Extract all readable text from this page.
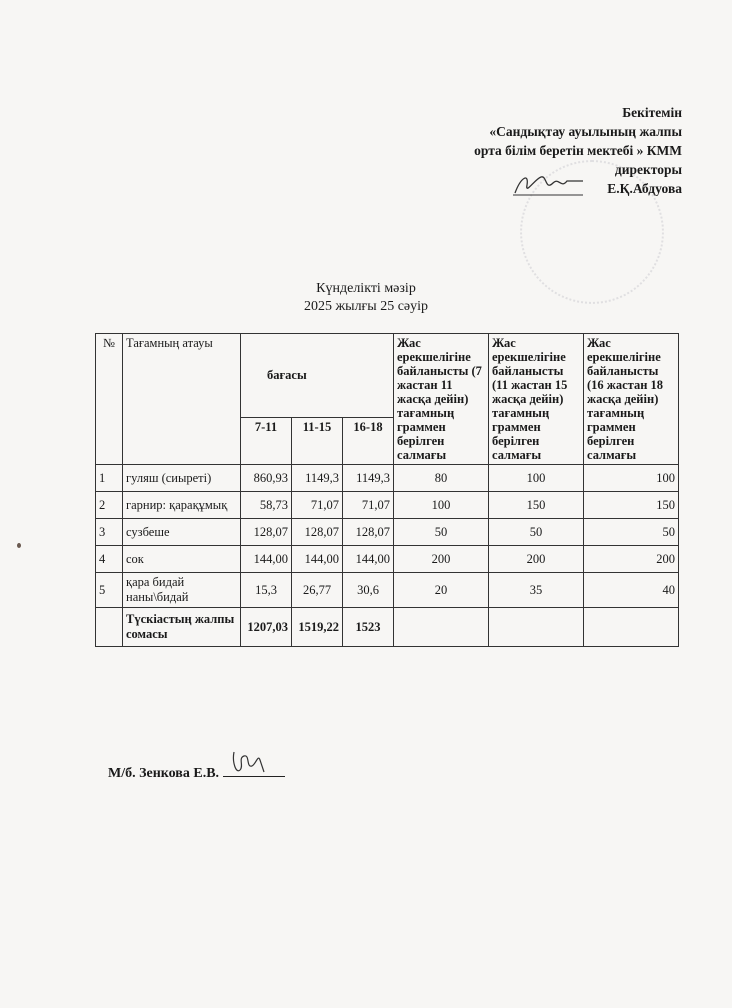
Бекітемін
«Сандықтау ауылының жалпы
орта білім беретін мектебі » КММ
директоры
Е.Қ.Абдуова
Күнделікті мәзір
2025 жылғы 25 сәуір
№	Тағамның атауы	бағасы			Жас ерекшелігіне байланысты (7 жастан 11 жасқа дейін) тағамның граммен берілген салмағы	Жас ерекшелігіне байланысты (11 жастан 15 жасқа дейін) тағамның граммен берілген салмағы	Жас ерекшелігіне байланысты (16 жастан 18 жасқа дейін) тағамның граммен берілген салмағы
		7-11	11-15	16-18			
1	гуляш (сиыреті)	860,93	1149,3	1149,3	80	100	100
2	гарнир: қарақұмық	58,73	71,07	71,07	100	150	150
3	сузбеше	128,07	128,07	128,07	50	50	50
4	сок	144,00	144,00	144,00	200	200	200
5	қара бидай наны\бидай	15,3	26,77	30,6	20	35	40
	Түскіастың жалпы сомасы	1207,03	1519,22	1523			
М/б. Зенкова Е.В.
